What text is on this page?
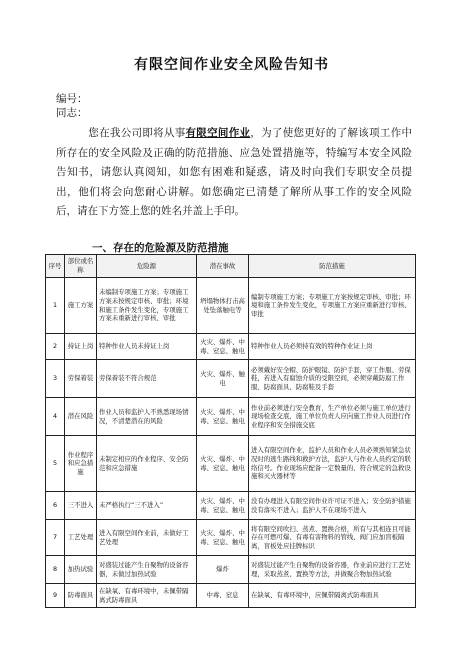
有限空间作业安全风险告知书
编号：
同志：
您在我公司即将从事有限空间作业，为了使您更好的了解该项工作中所存在的安全风险及正确的防范措施、应急处置措施等，特编写本安全风险告知书，请您认真阅知，如您有困难和疑惑，请及时向我们专职安全员提出，他们将会向您耐心讲解。如您确定已清楚了解所从事工作的安全风险后，请在下方签上您的姓名并盖上手印。
一、存在的危险源及防范措施
序号	部位或名称	危险源	潜在事故	防范措施
1	施工方案	未编制专项施工方案；专项施工方案未按规定审核、审批；环境和施工条件发生变化，专项施工方案未重新进行审核、审批	坍塌物体打击高处坠落触电等	编制专项施工方案；专项施工方案按规定审核、审批；环境和施工条件发生变化，专项施工方案应重新进行审核、审批
2	持证上岗	特种作业人员未持证上岗	火灾、爆炸、中毒、窒息、触电	特种作业人员必须持有效的特种作业证上岗
3	劳保着装	劳保着装不符合规范	火灾、爆炸、触电	必须戴好安全帽、防护眼镜、防护手套，穿工作服、劳保鞋，若进入有腐蚀介质的受限空间，必须穿戴防腐工作服、防腐面具、防腐鞋及手套
4	潜在风险	作业人员和监护人不熟悉现场情况，不清楚潜在的风险	火灾、爆炸、中毒、窒息、触电	作业前必须进行安全教育，生产单位必须与施工单位进行现场检查交底，施工单位负责人应向施工作业人员进行作业程序和安全措施交底
5	作业程序和应急措施	未制定相应的作业程序、安全防范和应急措施	火灾、爆炸、中毒、窒息、触电	进入有限空间作业，监护人员和作业人员必须熟知紧急状况时的逃生路线和救护方法，监护人与作业人员约定的联络信号。作业现场应配备一定数量的、符合规定的急救设施和灭火器材等
6	三不进入	未严格执行“三不进入”	火灾、爆炸、中毒、窒息、触电	没有办理进入有限空间作业许可证不进入；安全防护措施没有落实不进入；监护人不在现场不进入
7	工艺处理	进入有限空间作业前，未做好工艺处理	火灾、爆炸、中毒、窒息、触电	将有限空间吹扫、蒸煮、置换合格，所有与其相连且可能存在可燃可爆、有毒有害物料的管线、阀门应加盲板隔离，盲板处应挂牌标识
8	加热试验	对盛装过能产生自聚物的设备容器，未做过加热试验	爆炸	对盛装过能产生自聚物的设备容器，作业前应进行工艺处理，采取蒸煮、置换等方法，并做聚合物加热试验
9	防毒面具	在缺氧、有毒环境中，未佩带隔离式防毒面具	中毒、窒息	在缺氧、有毒环境中，应佩带隔离式防毒面具
